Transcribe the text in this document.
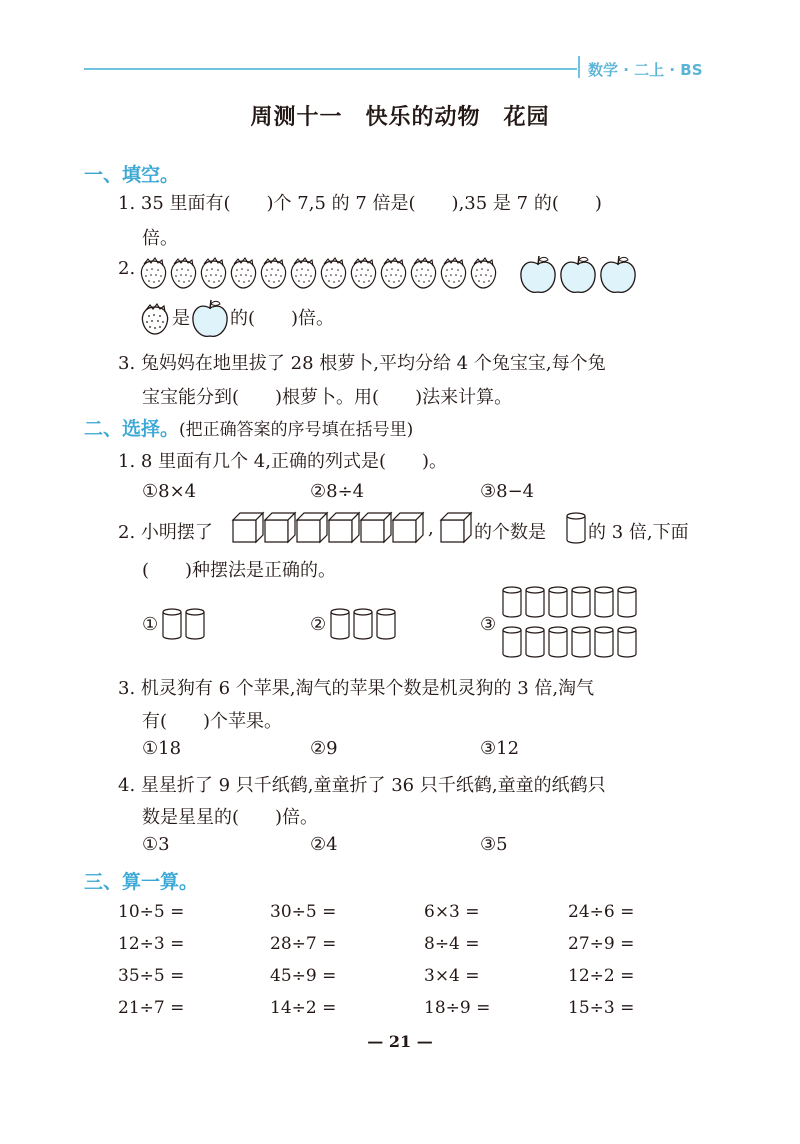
数学 · 二上 · BS
周测十一　快乐的动物　花园
一、填空。
1. 35 里面有(　　)个 7,5 的 7 倍是(　　),35 是 7 的(　　)
倍。
2.
是 的(　　)倍。
3. 兔妈妈在地里拔了 28 根萝卜,平均分给 4 个兔宝宝,每个兔
宝宝能分到(　　)根萝卜。用(　　)法来计算。
二、选择。(把正确答案的序号填在括号里)
1. 8 里面有几个 4,正确的列式是(　　)。
①8×4	②8÷4	③8−4
2. 小明摆了	, 的个数是 的 3 倍,下面
(　　)种摆法是正确的。
①	②	③
3. 机灵狗有 6 个苹果,淘气的苹果个数是机灵狗的 3 倍,淘气
有(　　)个苹果。
①18	②9	③12
4. 星星折了 9 只千纸鹤,童童折了 36 只千纸鹤,童童的纸鹤只
数是星星的(　　)倍。
①3	②4	③5
三、算一算。
10÷5 =	30÷5 =	6×3 =	24÷6 =
12÷3 =	28÷7 =	8÷4 =	27÷9 =
35÷5 =	45÷9 =	3×4 =	12÷2 =
21÷7 =	14÷2 =	18÷9 =	15÷3 =
— 21 —
